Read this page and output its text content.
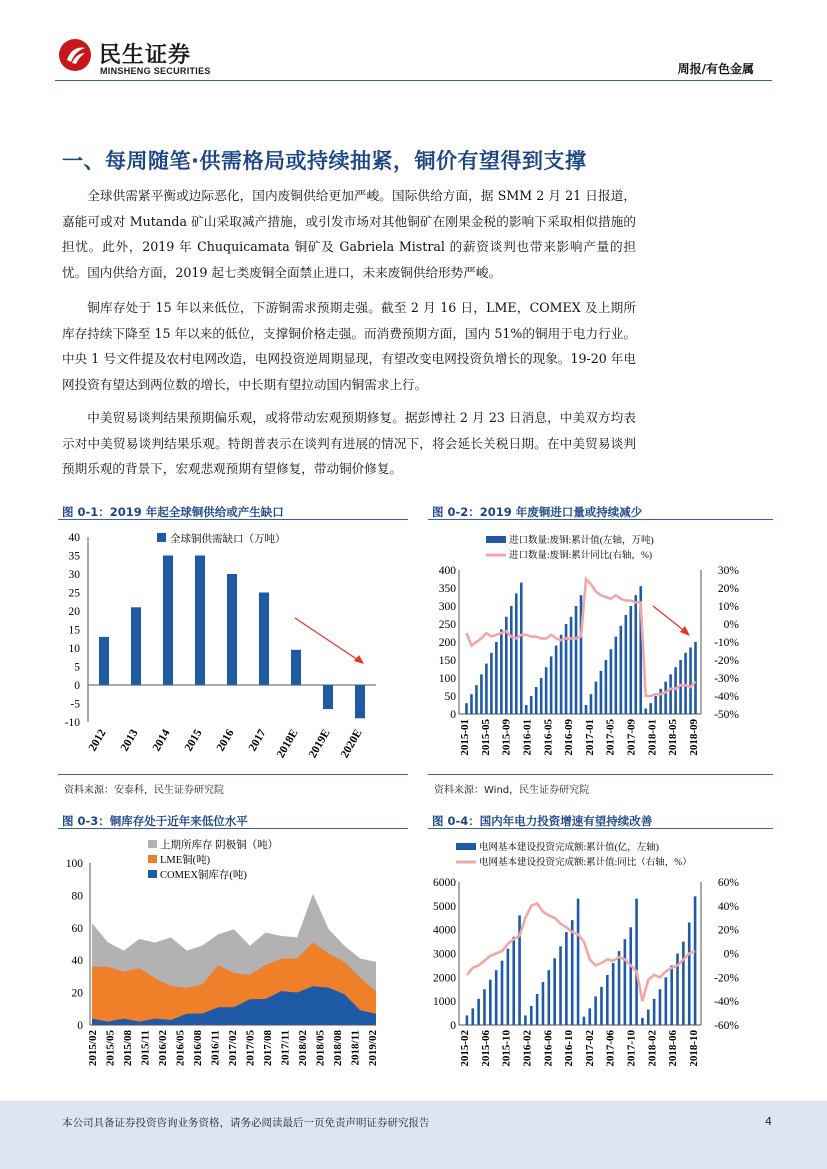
民生证券
MINSHENG SECURITIES	周报/有色金属
一、每周随笔·供需格局或持续抽紧，铜价有望得到支撑

全球供需紧平衡或边际恶化，国内废铜供给更加严峻。国际供给方面，据 SMM 2 月 21 日报道，嘉能可或对 Mutanda 矿山采取减产措施，或引发市场对其他铜矿在刚果金税的影响下采取相似措施的担忧。此外，2019 年 Chuquicamata 铜矿及 Gabriela Mistral 的薪资谈判也带来影响产量的担忧。国内供给方面，2019 起七类废铜全面禁止进口，未来废铜供给形势严峻。

铜库存处于 15 年以来低位，下游铜需求预期走强。截至 2 月 16 日，LME，COMEX 及上期所库存持续下降至 15 年以来的低位，支撑铜价格走强。而消费预期方面，国内 51%的铜用于电力行业。中央 1 号文件提及农村电网改造，电网投资逆周期显现，有望改变电网投资负增长的现象。19-20 年电网投资有望达到两位数的增长，中长期有望拉动国内铜需求上行。

中美贸易谈判结果预期偏乐观，或将带动宏观预期修复。据彭博社 2 月 23 日消息，中美双方均表示对中美贸易谈判结果乐观。特朗普表示在谈判有进展的情况下，将会延长关税日期。在中美贸易谈判预期乐观的背景下，宏观悲观预期有望修复，带动铜价修复。

图 0-1：2019 年起全球铜供给或产生缺口	图 0-2：2019 年废铜进口量或持续减少
资料来源：安泰科，民生证券研究院	资料来源：Wind，民生证券研究院
图 0-3：铜库存处于近年来低位水平	图 0-4：国内年电力投资增速有望持续改善
全球铜供需缺口（万吨）
40
35
30
25
20
15
10
5
0
-5
-10
2012 2013 2014 2015 2016 2017 2018E 2019E 2020E
进口数量:废铜:累计值(左轴，万吨)
进口数量:废铜:累计同比(右轴，%)
400
350
300
250
200
150
100
50
0
30%
20%
10%
0%
-10%
-20%
-30%
-40%
-50%
2015-01 2015-05 2015-09 2016-01 2016-05 2016-09 2017-01 2017-05 2017-09 2018-01 2018-05 2018-09
上期所库存 阴极铜（吨）
LME铜(吨)
COMEX铜库存(吨)
100
80
60
40
20
0
2015/02 2015/05 2015/08 2015/11 2016/02 2016/05 2016/08 2016/11 2017/02 2017/05 2017/08 2017/11 2018/02 2018/05 2018/08 2018/11 2019/02
电网基本建设投资完成额:累计值(亿，左轴)
电网基本建设投资完成额:累计值:同比（右轴，%）
6000
5000
4000
3000
2000
1000
0
60%
40%
20%
0%
-20%
-40%
-60%
2015-02 2015-06 2015-10 2016-02 2016-06 2016-10 2017-02 2017-06 2017-10 2018-02 2018-06 2018-10
本公司具备证券投资咨询业务资格，请务必阅读最后一页免责声明证券研究报告	4
